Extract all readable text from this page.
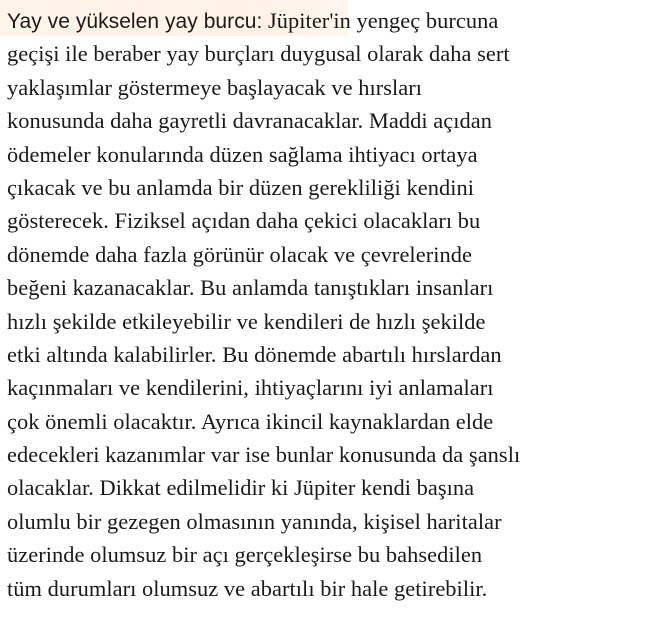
Yay ve yükselen yay burcu: Jüpiter'in yengeç burcuna
geçişi ile beraber yay burçları duygusal olarak daha sert
yaklaşımlar göstermeye başlayacak ve hırsları
konusunda daha gayretli davranacaklar. Maddi açıdan
ödemeler konularında düzen sağlama ihtiyacı ortaya
çıkacak ve bu anlamda bir düzen gerekliliği kendini
gösterecek. Fiziksel açıdan daha çekici olacakları bu
dönemde daha fazla görünür olacak ve çevrelerinde
beğeni kazanacaklar. Bu anlamda tanıştıkları insanları
hızlı şekilde etkileyebilir ve kendileri de hızlı şekilde
etki altında kalabilirler. Bu dönemde abartılı hırslardan
kaçınmaları ve kendilerini, ihtiyaçlarını iyi anlamaları
çok önemli olacaktır. Ayrıca ikincil kaynaklardan elde
edecekleri kazanımlar var ise bunlar konusunda da şanslı
olacaklar. Dikkat edilmelidir ki Jüpiter kendi başına
olumlu bir gezegen olmasının yanında, kişisel haritalar
üzerinde olumsuz bir açı gerçekleşirse bu bahsedilen
tüm durumları olumsuz ve abartılı bir hale getirebilir.
